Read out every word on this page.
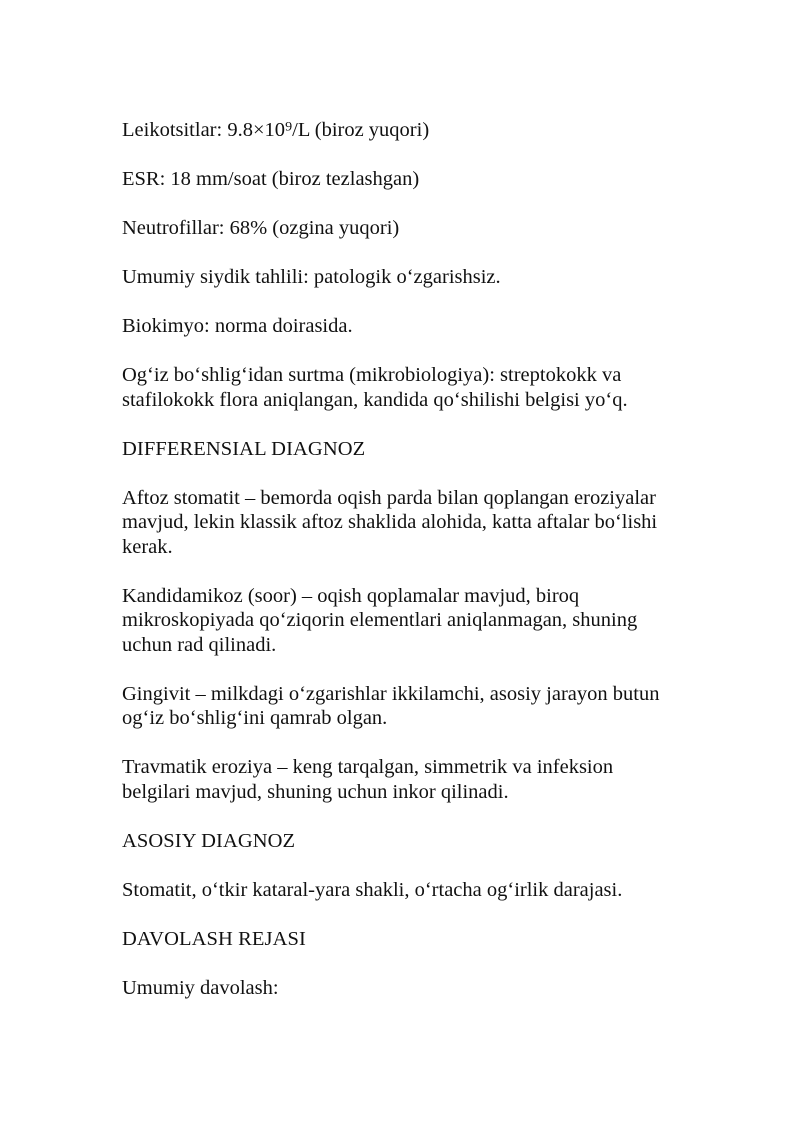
Leikotsitlar: 9.8×10⁹/L (biroz yuqori)

ESR: 18 mm/soat (biroz tezlashgan)

Neutrofillar: 68% (ozgina yuqori)

Umumiy siydik tahlili: patologik o‘zgarishsiz.

Biokimyo: norma doirasida.

Og‘iz bo‘shlig‘idan surtma (mikrobiologiya): streptokokk va stafilokokk flora aniqlangan, kandida qo‘shilishi belgisi yo‘q.

DIFFERENSIAL DIAGNOZ

Aftoz stomatit – bemorda oqish parda bilan qoplangan eroziyalar mavjud, lekin klassik aftoz shaklida alohida, katta aftalar bo‘lishi kerak.

Kandidamikoz (soor) – oqish qoplamalar mavjud, biroq mikroskopiyada qo‘ziqorin elementlari aniqlanmagan, shuning uchun rad qilinadi.

Gingivit – milkdagi o‘zgarishlar ikkilamchi, asosiy jarayon butun og‘iz bo‘shlig‘ini qamrab olgan.

Travmatik eroziya – keng tarqalgan, simmetrik va infeksion belgilari mavjud, shuning uchun inkor qilinadi.

ASOSIY DIAGNOZ

Stomatit, o‘tkir kataral-yara shakli, o‘rtacha og‘irlik darajasi.

DAVOLASH REJASI

Umumiy davolash:
